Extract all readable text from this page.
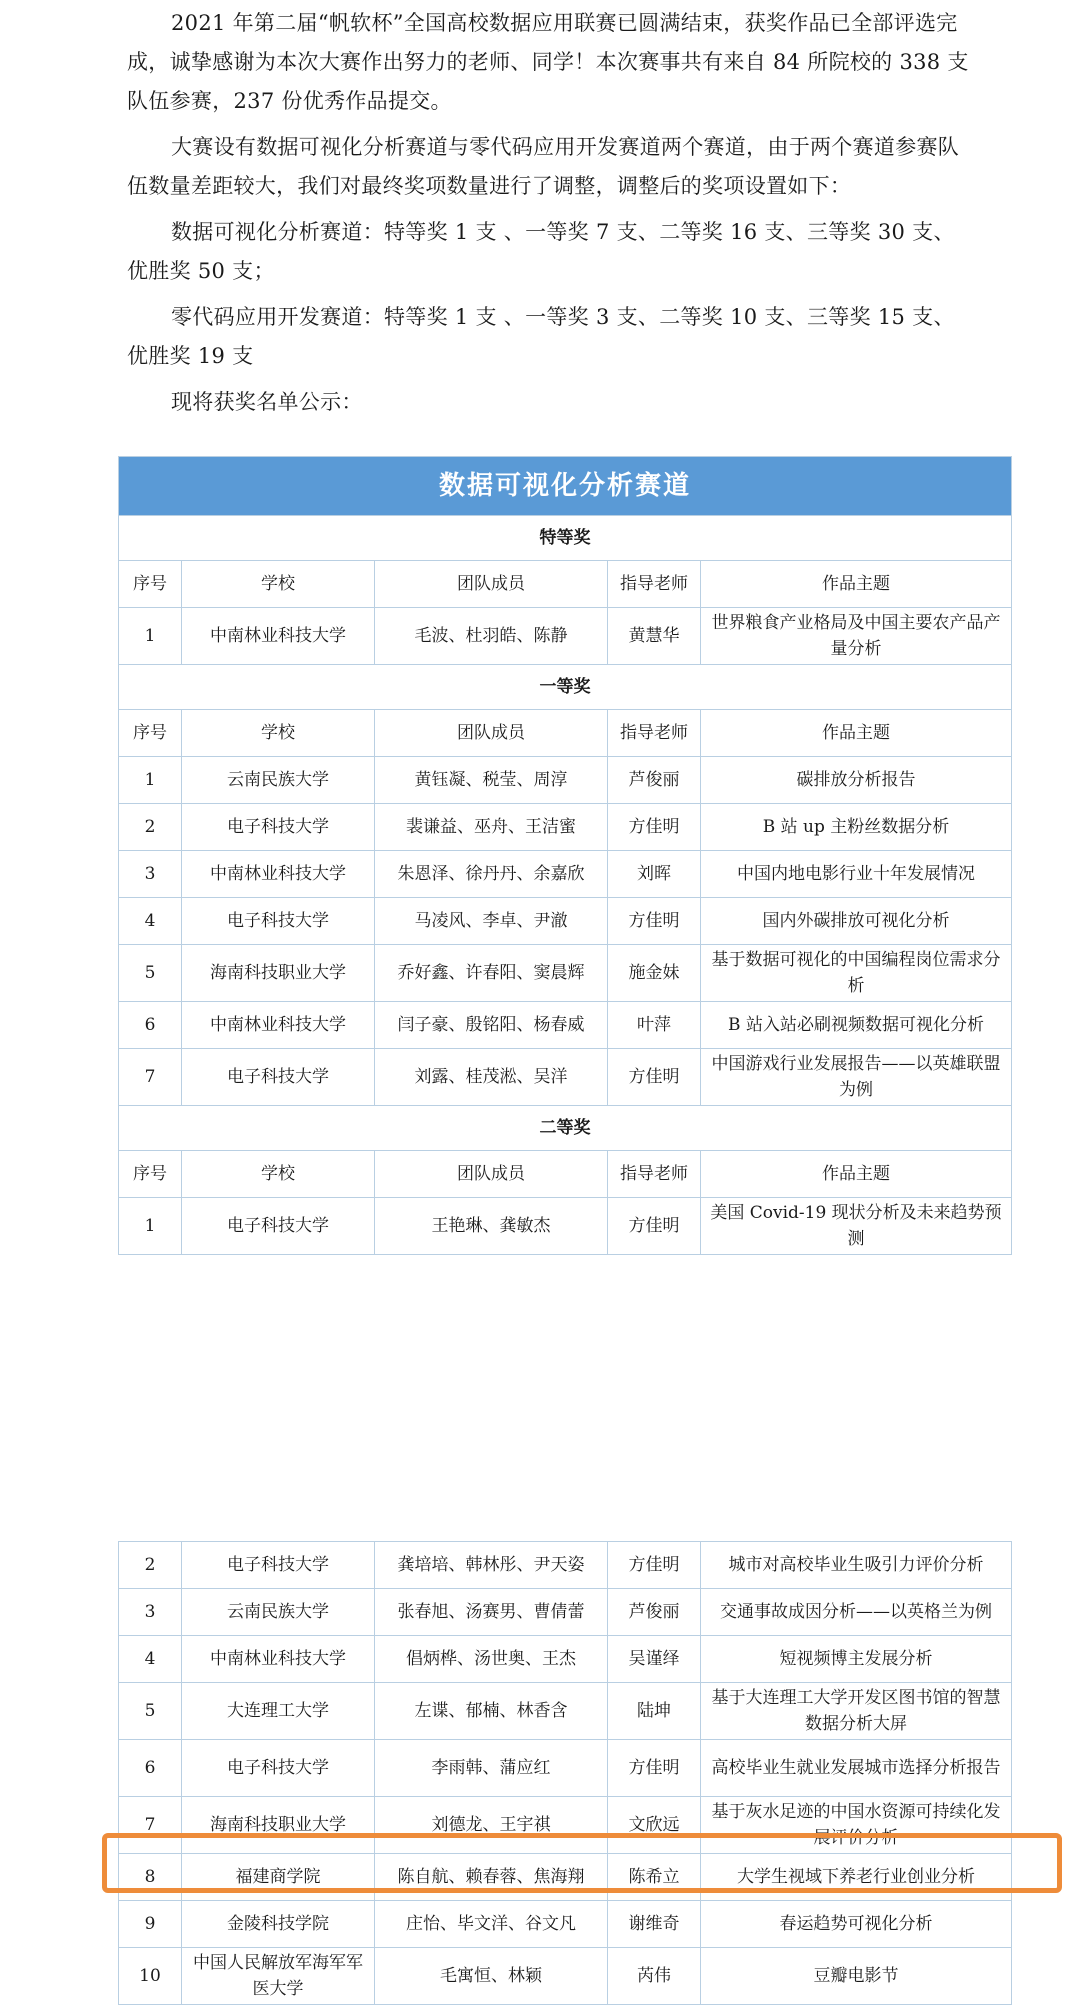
2021 年第二届“帆软杯”全国高校数据应用联赛已圆满结束，获奖作品已全部评选完成，诚挚感谢为本次大赛作出努力的老师、同学！本次赛事共有来自 84 所院校的 338 支队伍参赛，237 份优秀作品提交。

大赛设有数据可视化分析赛道与零代码应用开发赛道两个赛道，由于两个赛道参赛队伍数量差距较大，我们对最终奖项数量进行了调整，调整后的奖项设置如下：

数据可视化分析赛道：特等奖 1 支 、一等奖 7 支、二等奖 16 支、三等奖 30 支、优胜奖 50 支；

零代码应用开发赛道：特等奖 1 支 、一等奖 3 支、二等奖 10 支、三等奖 15 支、优胜奖 19 支

现将获奖名单公示：

数据可视化分析赛道				
特等奖				
序号	学校	团队成员	指导老师	作品主题
1	中南林业科技大学	毛波、杜羽皓、陈静	黄慧华	世界粮食产业格局及中国主要农产品产量分析
一等奖				
序号	学校	团队成员	指导老师	作品主题
1	云南民族大学	黄钰凝、税莹、周淳	芦俊丽	碳排放分析报告
2	电子科技大学	裴谦益、巫舟、王洁蜜	方佳明	B 站 up 主粉丝数据分析
3	中南林业科技大学	朱恩泽、徐丹丹、余嘉欣	刘晖	中国内地电影行业十年发展情况
4	电子科技大学	马凌风、李卓、尹澈	方佳明	国内外碳排放可视化分析
5	海南科技职业大学	乔好鑫、许春阳、窦晨辉	施金妹	基于数据可视化的中国编程岗位需求分析
6	中南林业科技大学	闫子豪、殷铭阳、杨春威	叶萍	B 站入站必刷视频数据可视化分析
7	电子科技大学	刘露、桂茂淞、吴洋	方佳明	中国游戏行业发展报告——以英雄联盟为例
二等奖				
序号	学校	团队成员	指导老师	作品主题
1	电子科技大学	王艳琳、龚敏杰	方佳明	美国 Covid-19 现状分析及未来趋势预测
2	电子科技大学	龚培培、韩林彤、尹天姿	方佳明	城市对高校毕业生吸引力评价分析
3	云南民族大学	张春旭、汤赛男、曹倩蕾	芦俊丽	交通事故成因分析——以英格兰为例
4	中南林业科技大学	倡炳桦、汤世奥、王杰	吴谨绎	短视频博主发展分析
5	大连理工大学	左谍、郁楠、林香含	陆坤	基于大连理工大学开发区图书馆的智慧数据分析大屏
6	电子科技大学	李雨韩、蒲应红	方佳明	高校毕业生就业发展城市选择分析报告
7	海南科技职业大学	刘德龙、王宇祺	文欣远	基于灰水足迹的中国水资源可持续化发展评价分析
8	福建商学院	陈自航、赖春蓉、焦海翔	陈希立	大学生视域下养老行业创业分析
9	金陵科技学院	庄怡、毕文洋、谷文凡	谢维奇	春运趋势可视化分析
10	中国人民解放军海军军医大学	毛寓恒、林颖	芮伟	豆瓣电影节
